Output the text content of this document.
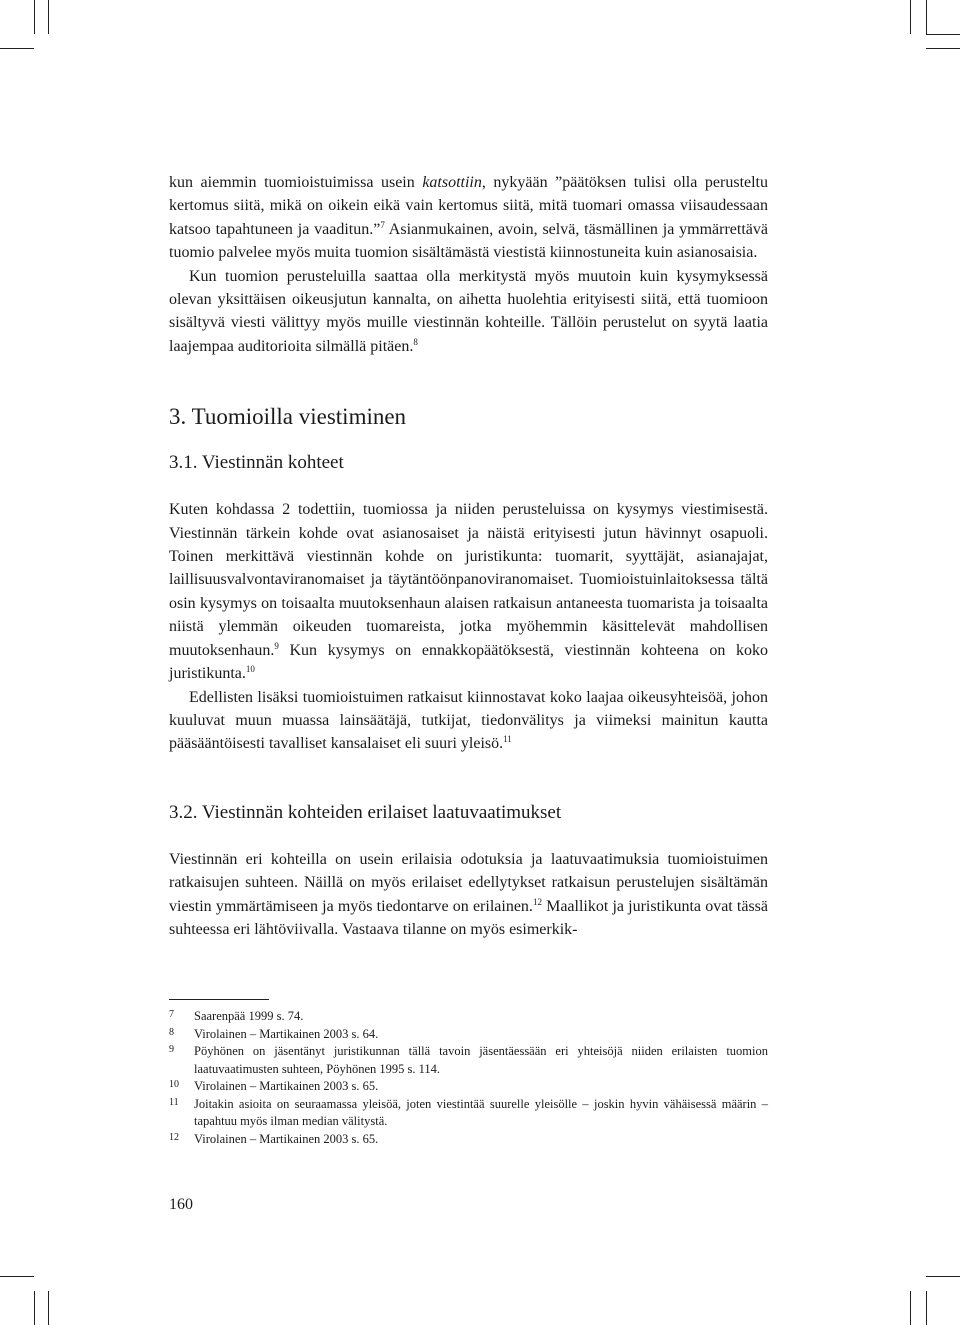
kun aiemmin tuomioistuimissa usein katsottiin, nykyään ”päätöksen tulisi olla perusteltu kertomus siitä, mikä on oikein eikä vain kertomus siitä, mitä tuomari omassa viisaudessaan katsoo tapahtuneen ja vaaditun.”$^7$ Asianmukainen, avoin, selvä, täsmällinen ja ymmärrettävä tuomio palvelee myös muita tuomion sisältämästä viestistä kiinnostuneita kuin asianosaisia.

Kun tuomion perusteluilla saattaa olla merkitystä myös muutoin kuin kysymyksessä olevan yksittäisen oikeusjutun kannalta, on aihetta huolehtia erityisesti siitä, että tuomioon sisältyvä viesti välittyy myös muille viestinnän kohteille. Tällöin perustelut on syytä laatia laajempaa auditorioita silmällä pitäen.$^8$

3. Tuomioilla viestiminen
3.1. Viestinnän kohteet

Kuten kohdassa 2 todettiin, tuomiossa ja niiden perusteluissa on kysymys viestimisestä. Viestinnän tärkein kohde ovat asianosaiset ja näistä erityisesti jutun hävinnyt osapuoli. Toinen merkittävä viestinnän kohde on juristikunta: tuomarit, syyttäjät, asianajajat, laillisuusvalvontaviranomaiset ja täytäntöönpanoviranomaiset. Tuomioistuinlaitoksessa tältä osin kysymys on toisaalta muutoksenhaun alaisen ratkaisun antaneesta tuomarista ja toisaalta niistä ylemmän oikeuden tuomareista, jotka myöhemmin käsittelevät mahdollisen muutoksenhaun.$^9$ Kun kysymys on ennakkopäätöksestä, viestinnän kohteena on koko juristikunta.$^{10}$

Edellisten lisäksi tuomioistuimen ratkaisut kiinnostavat koko laajaa oikeusyhteisöä, johon kuuluvat muun muassa lainsäätäjä, tutkijat, tiedonvälitys ja viimeksi mainitun kautta pääsääntöisesti tavalliset kansalaiset eli suuri yleisö.$^{11}$

3.2. Viestinnän kohteiden erilaiset laatuvaatimukset

Viestinnän eri kohteilla on usein erilaisia odotuksia ja laatuvaatimuksia tuomioistuimen ratkaisujen suhteen. Näillä on myös erilaiset edellytykset ratkaisun perustelujen sisältämän viestin ymmärtämiseen ja myös tiedontarve on erilainen.$^{12}$ Maallikot ja juristikunta ovat tässä suhteessa eri lähtöviivalla. Vastaava tilanne on myös esimerkik-

7	Saarenpää 1999 s. 74.
8	Virolainen – Martikainen 2003 s. 64.
9	Pöyhönen on jäsentänyt juristikunnan tällä tavoin jäsentäessään eri yhteisöjä niiden erilaisten tuomion laatuvaatimusten suhteen, Pöyhönen 1995 s. 114.
10	Virolainen – Martikainen 2003 s. 65.
11	Joitakin asioita on seuraamassa yleisöä, joten viestintää suurelle yleisölle – joskin hyvin vähäisessä määrin – tapahtuu myös ilman median välitystä.
12	Virolainen – Martikainen 2003 s. 65.
160
